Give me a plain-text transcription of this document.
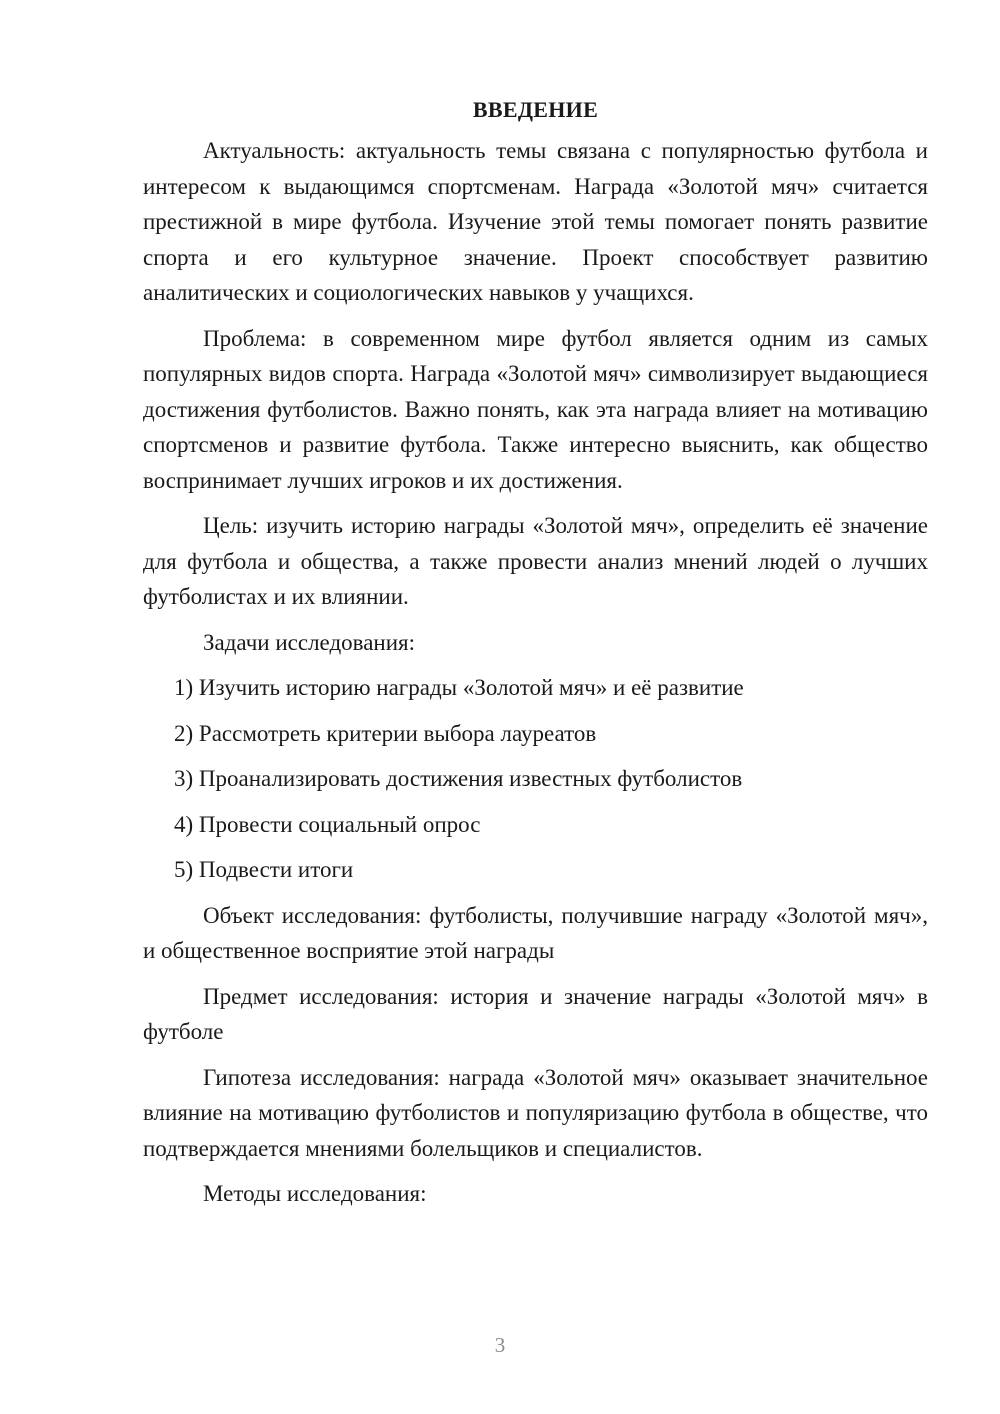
ВВЕДЕНИЕ

Актуальность: актуальность темы связана с популярностью футбола и интересом к выдающимся спортсменам. Награда «Золотой мяч» считается престижной в мире футбола. Изучение этой темы помогает понять развитие спорта и его культурное значение. Проект способствует развитию аналитических и социологических навыков у учащихся.

Проблема: в современном мире футбол является одним из самых популярных видов спорта. Награда «Золотой мяч» символизирует выдающиеся достижения футболистов. Важно понять, как эта награда влияет на мотивацию спортсменов и развитие футбола. Также интересно выяснить, как общество воспринимает лучших игроков и их достижения.

Цель: изучить историю награды «Золотой мяч», определить её значение для футбола и общества, а также провести анализ мнений людей о лучших футболистах и их влиянии.

Задачи исследования:

1) Изучить историю награды «Золотой мяч» и её развитие
2) Рассмотреть критерии выбора лауреатов
3) Проанализировать достижения известных футболистов
4) Провести социальный опрос
5) Подвести итоги

Объект исследования: футболисты, получившие награду «Золотой мяч», и общественное восприятие этой награды

Предмет исследования: история и значение награды «Золотой мяч» в футболе

Гипотеза исследования: награда «Золотой мяч» оказывает значительное влияние на мотивацию футболистов и популяризацию футбола в обществе, что подтверждается мнениями болельщиков и специалистов.

Методы исследования:

3
